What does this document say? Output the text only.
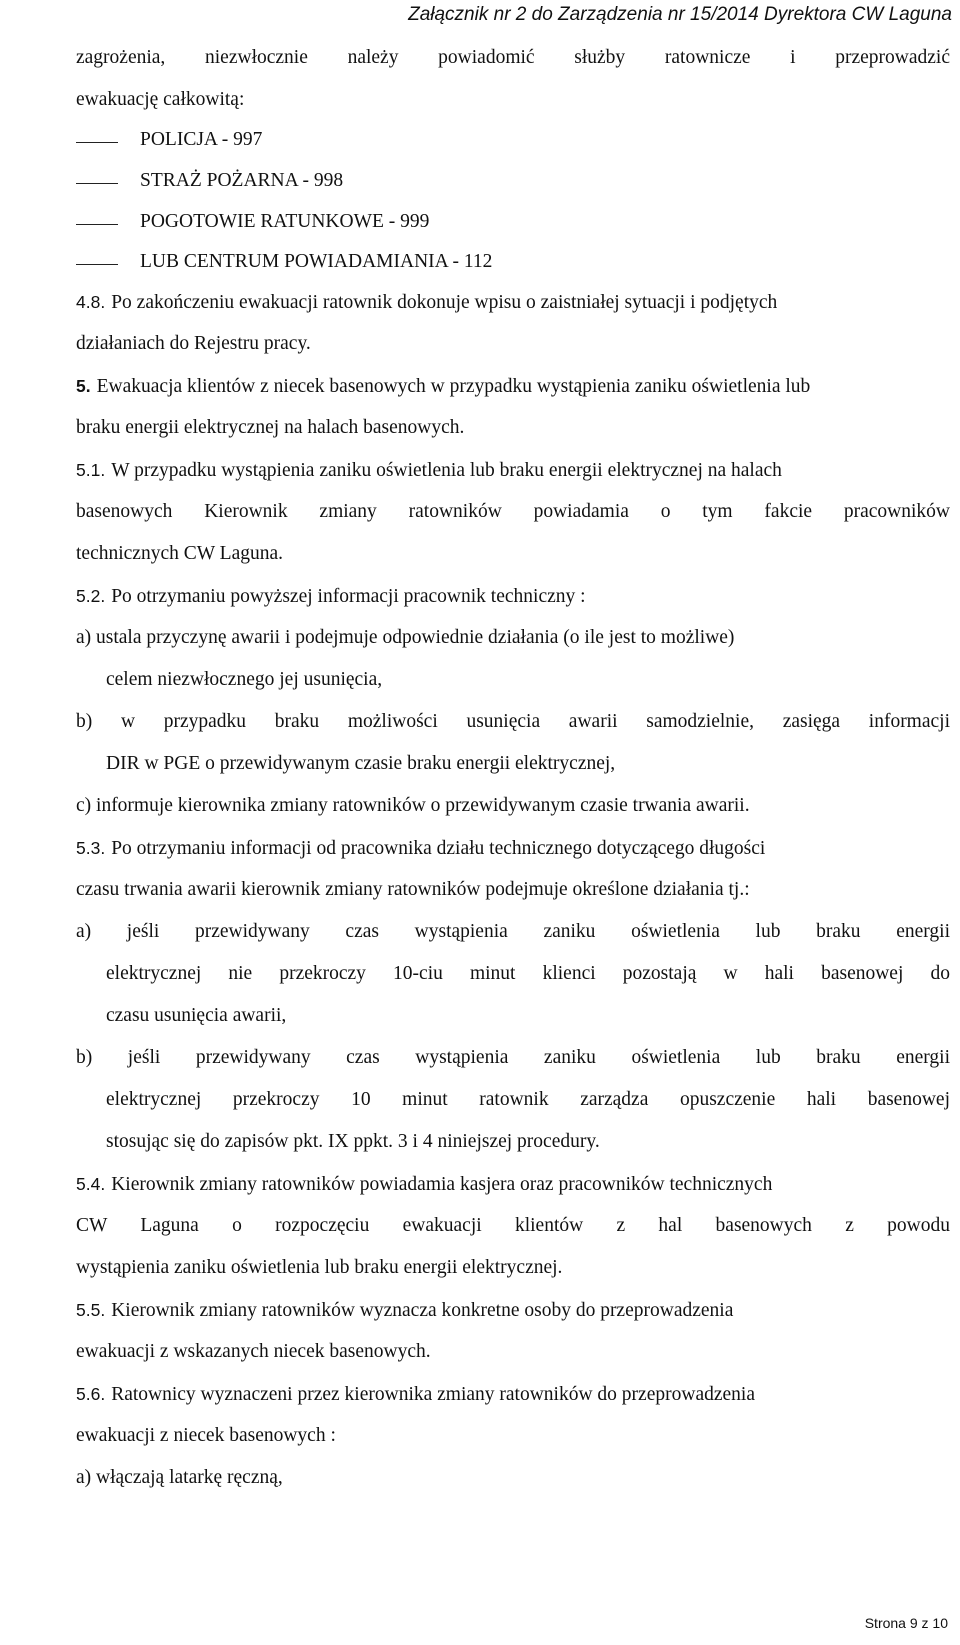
Załącznik nr 2 do Zarządzenia nr 15/2014 Dyrektora CW Laguna
zagrożenia, niezwłocznie należy powiadomić służby ratownicze i przeprowadzić
ewakuację całkowitą:
POLICJA - 997
STRAŻ POŻARNA - 998
POGOTOWIE RATUNKOWE - 999
LUB CENTRUM POWIADAMIANIA - 112
4.8. Po zakończeniu ewakuacji ratownik dokonuje wpisu o zaistniałej sytuacji i podjętych
działaniach do Rejestru pracy.
5. Ewakuacja klientów z niecek basenowych w przypadku wystąpienia zaniku oświetlenia lub
braku energii elektrycznej na halach basenowych.
5.1. W przypadku wystąpienia zaniku oświetlenia lub braku energii elektrycznej na halach
basenowych Kierownik zmiany ratowników powiadamia o tym fakcie pracowników
technicznych CW Laguna.
5.2. Po otrzymaniu powyższej informacji pracownik techniczny :
a) ustala przyczynę awarii i podejmuje odpowiednie działania (o ile jest to możliwe)
celem niezwłocznego jej usunięcia,
b) w przypadku braku możliwości usunięcia awarii samodzielnie, zasięga informacji
DIR w PGE o przewidywanym czasie braku energii elektrycznej,
c) informuje kierownika zmiany ratowników o przewidywanym czasie trwania awarii.
5.3. Po otrzymaniu informacji od pracownika działu technicznego dotyczącego długości
czasu trwania awarii kierownik zmiany ratowników podejmuje określone działania tj.:
a) jeśli przewidywany czas wystąpienia zaniku oświetlenia lub braku energii
elektrycznej nie przekroczy 10-ciu minut klienci pozostają w hali basenowej do
czasu usunięcia awarii,
b) jeśli przewidywany czas wystąpienia zaniku oświetlenia lub braku energii
elektrycznej przekroczy 10 minut ratownik zarządza opuszczenie hali basenowej
stosując się do zapisów pkt. IX ppkt. 3 i 4 niniejszej procedury.
5.4. Kierownik zmiany ratowników powiadamia kasjera oraz pracowników technicznych
CW Laguna o rozpoczęciu ewakuacji klientów z hal basenowych z powodu
wystąpienia zaniku oświetlenia lub braku energii elektrycznej.
5.5. Kierownik zmiany ratowników wyznacza konkretne osoby do przeprowadzenia
ewakuacji z wskazanych niecek basenowych.
5.6. Ratownicy wyznaczeni przez kierownika zmiany ratowników do przeprowadzenia
ewakuacji z niecek basenowych :
a) włączają latarkę ręczną,
Strona 9 z 10
